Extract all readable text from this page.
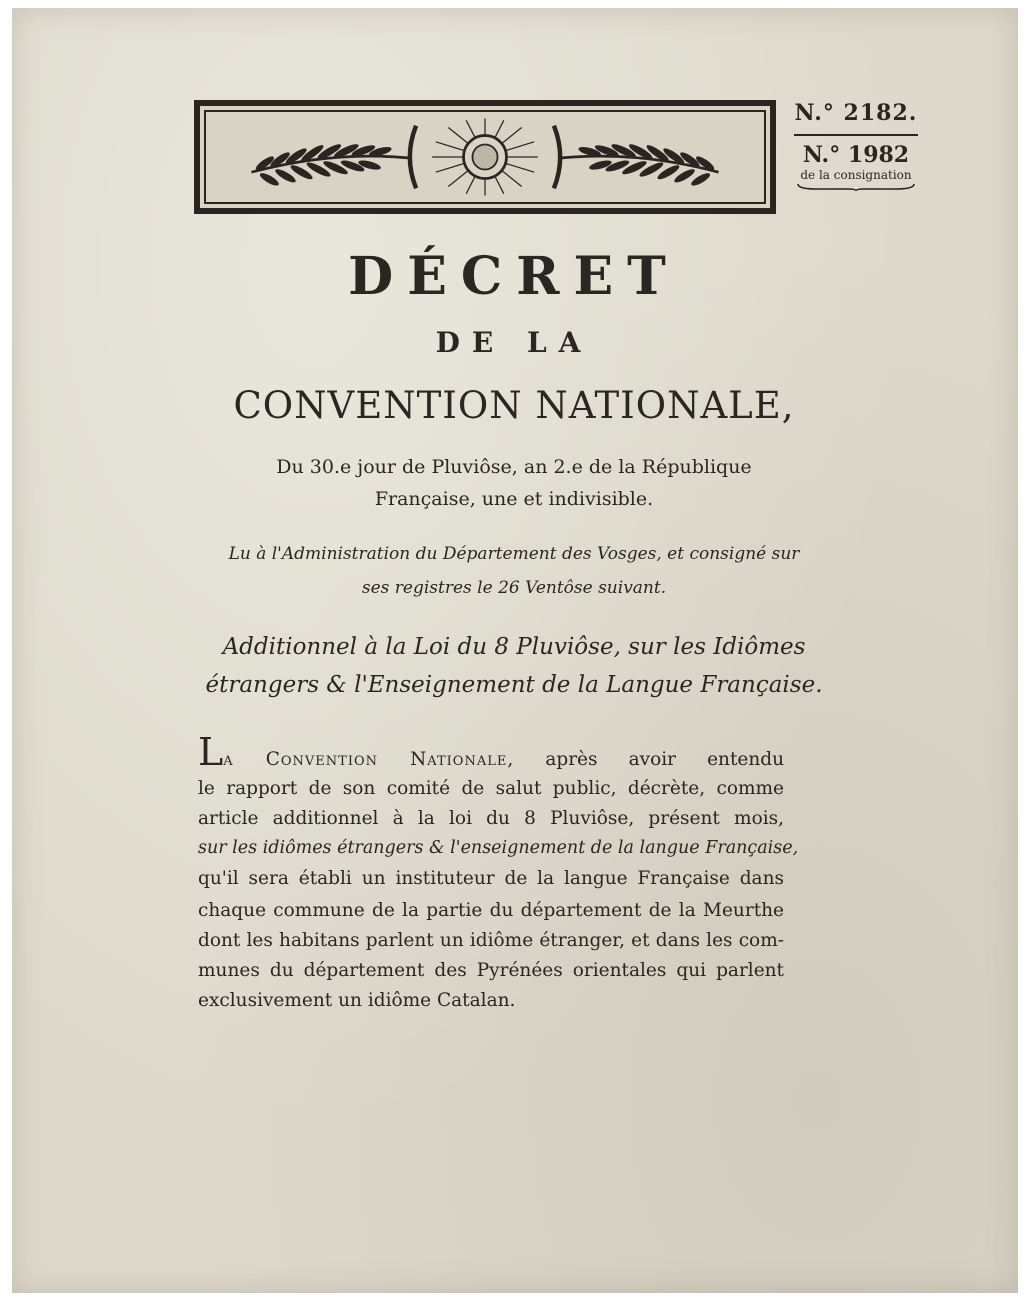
N.° 2182.
N.° 1982
de la consignation
DÉCRET
DE LA
CONVENTION NATIONALE,
Du 30.e jour de Pluviôse, an 2.e de la République
Française, une et indivisible.
Lu à l'Administration du Département des Vosges, et consigné sur
ses registres le 26 Ventôse suivant.
Additionnel à la Loi du 8 Pluviôse, sur les Idiômes
étrangers & l'Enseignement de la Langue Française.
La Convention Nationale, après avoir entendu
le rapport de son comité de salut public, décrète, comme
article additionnel à la loi du 8 Pluviôse, présent mois,
sur les idiômes étrangers & l'enseignement de la langue Française,
qu'il sera établi un instituteur de la langue Française dans
chaque commune de la partie du département de la Meurthe
dont les habitans parlent un idiôme étranger, et dans les com-
munes du département des Pyrénées orientales qui parlent
exclusivement un idiôme Catalan.
